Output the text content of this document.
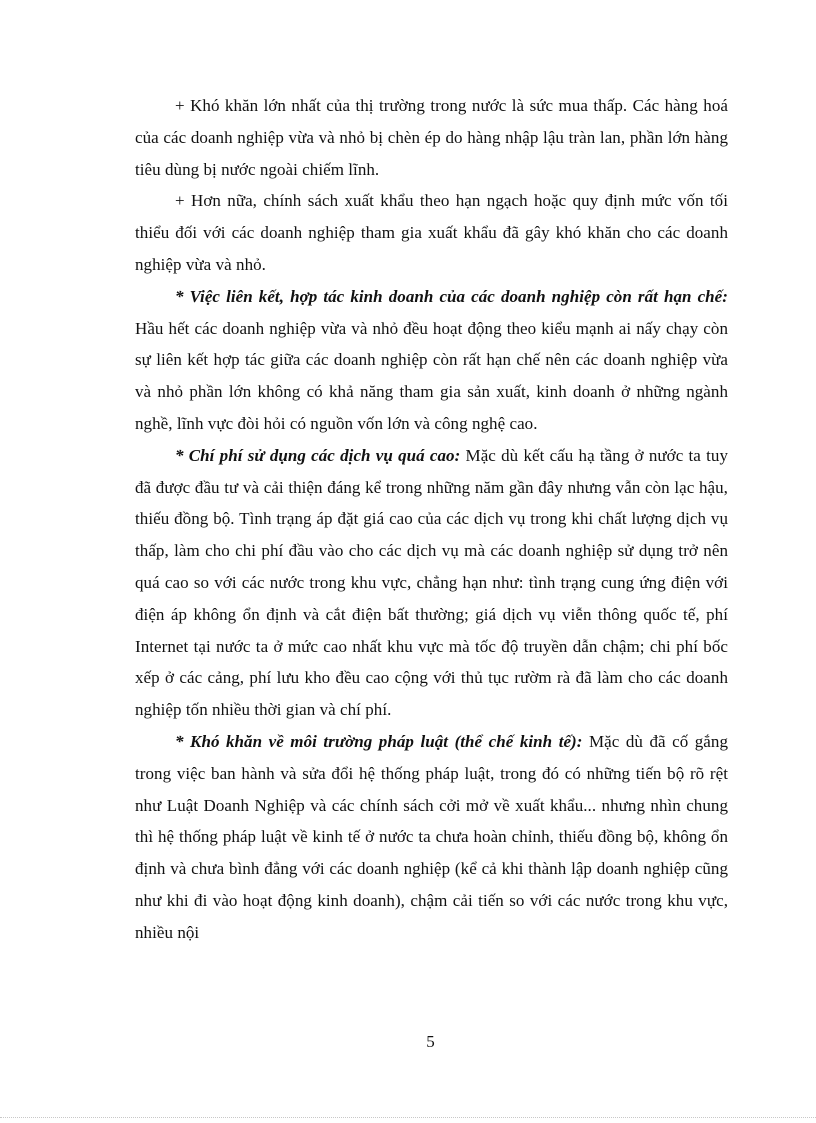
+ Khó khăn lớn nhất của thị trường trong nước là sức mua thấp. Các hàng hoá của các doanh nghiệp vừa và nhỏ bị chèn ép do hàng nhập lậu tràn lan, phần lớn hàng tiêu dùng bị nước ngoài chiếm lĩnh.

+ Hơn nữa, chính sách xuất khẩu theo hạn ngạch hoặc quy định mức vốn tối thiểu đối với các doanh nghiệp tham gia xuất khẩu đã gây khó khăn cho các doanh nghiệp vừa và nhỏ.

* Việc liên kết, hợp tác kinh doanh của các doanh nghiệp còn rất hạn chế: Hầu hết các doanh nghiệp vừa và nhỏ đều hoạt động theo kiểu mạnh ai nấy chạy còn sự liên kết hợp tác giữa các doanh nghiệp còn rất hạn chế nên các doanh nghiệp vừa và nhỏ phần lớn không có khả năng tham gia sản xuất, kinh doanh ở những ngành nghề, lĩnh vực đòi hỏi có nguồn vốn lớn và công nghệ cao.

* Chí phí sử dụng các dịch vụ quá cao: Mặc dù kết cấu hạ tầng ở nước ta tuy đã được đầu tư và cải thiện đáng kể trong những năm gần đây nhưng vẫn còn lạc hậu, thiếu đồng bộ. Tình trạng áp đặt giá cao của các dịch vụ trong khi chất lượng dịch vụ thấp, làm cho chi phí đầu vào cho các dịch vụ mà các doanh nghiệp sử dụng trở nên quá cao so với các nước trong khu vực, chẳng hạn như: tình trạng cung ứng điện với điện áp không ổn định và cắt điện bất thường; giá dịch vụ viễn thông quốc tế, phí Internet tại nước ta ở mức cao nhất khu vực mà tốc độ truyền dẫn chậm; chi phí bốc xếp ở các cảng, phí lưu kho đều cao cộng với thủ tục rườm rà đã làm cho các doanh nghiệp tốn nhiều thời gian và chí phí.

* Khó khăn về môi trường pháp luật (thể chế kinh tế): Mặc dù đã cố gắng trong việc ban hành và sửa đổi hệ thống pháp luật, trong đó có những tiến bộ rõ rệt như Luật Doanh Nghiệp và các chính sách cởi mở về xuất khẩu... nhưng nhìn chung thì hệ thống pháp luật về kinh tế ở nước ta chưa hoàn chỉnh, thiếu đồng bộ, không ổn định và chưa bình đẳng với các doanh nghiệp (kể cả khi thành lập doanh nghiệp cũng như khi đi vào hoạt động kinh doanh), chậm cải tiến so với các nước trong khu vực, nhiều nội

5
